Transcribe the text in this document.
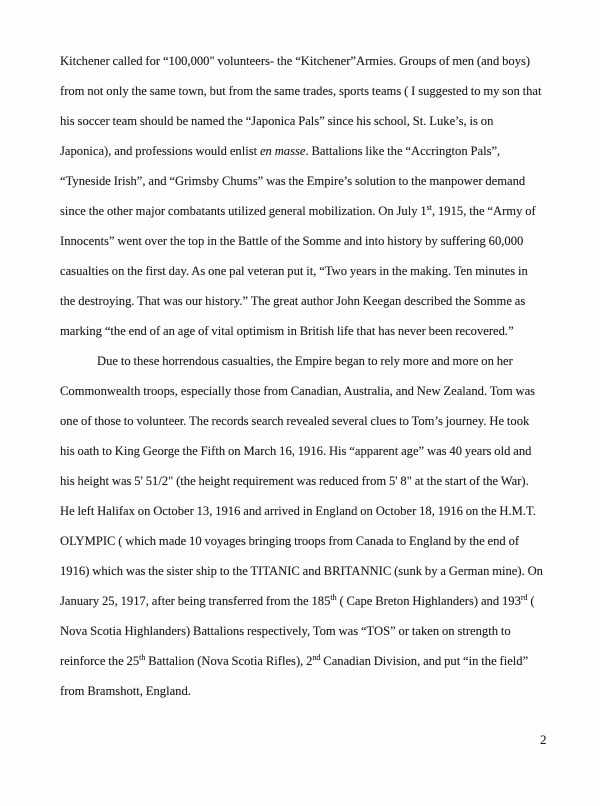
Kitchener called for “100,000" volunteers- the “Kitchener”Armies. Groups of men (and boys)
from not only the same town, but from the same trades, sports teams ( I suggested to my son that
his soccer team should be named the “Japonica Pals” since his school, St. Luke’s, is on
Japonica), and professions would enlist en masse. Battalions like the “Accrington Pals”,
“Tyneside Irish”, and “Grimsby Chums” was the Empire’s solution to the manpower demand
since the other major combatants utilized general mobilization. On July 1st, 1915, the “Army of
Innocents” went over the top in the Battle of the Somme and into history by suffering 60,000
casualties on the first day. As one pal veteran put it, “Two years in the making. Ten minutes in
the destroying. That was our history.” The great author John Keegan described the Somme as
marking “the end of an age of vital optimism in British life that has never been recovered.”
Due to these horrendous casualties, the Empire began to rely more and more on her
Commonwealth troops, especially those from Canadian, Australia, and New Zealand. Tom was
one of those to volunteer. The records search revealed several clues to Tom’s journey. He took
his oath to King George the Fifth on March 16, 1916. His “apparent age” was 40 years old and
his height was 5' 51/2" (the height requirement was reduced from 5' 8" at the start of the War).
He left Halifax on October 13, 1916 and arrived in England on October 18, 1916 on the H.M.T.
OLYMPIC ( which made 10 voyages bringing troops from Canada to England by the end of
1916) which was the sister ship to the TITANIC and BRITANNIC (sunk by a German mine). On
January 25, 1917, after being transferred from the 185th ( Cape Breton Highlanders) and 193rd (
Nova Scotia Highlanders) Battalions respectively, Tom was “TOS” or taken on strength to
reinforce the 25th Battalion (Nova Scotia Rifles), 2nd Canadian Division, and put “in the field”
from Bramshott, England.
2
